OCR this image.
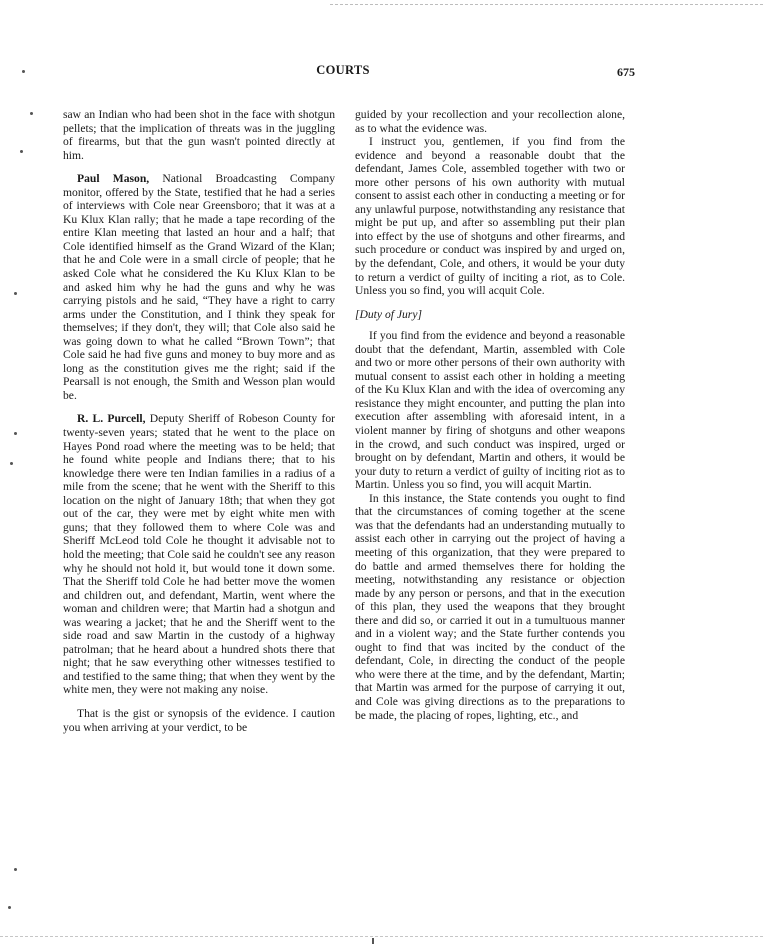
COURTS	675

saw an Indian who had been shot in the face with shotgun pellets; that the implication of threats was in the juggling of firearms, but that the gun wasn't pointed directly at him.

Paul Mason, National Broadcasting Company monitor, offered by the State, testified that he had a series of interviews with Cole near Greensboro; that it was at a Ku Klux Klan rally; that he made a tape recording of the entire Klan meeting that lasted an hour and a half; that Cole identified himself as the Grand Wizard of the Klan; that he and Cole were in a small circle of people; that he asked Cole what he considered the Ku Klux Klan to be and asked him why he had the guns and why he was carrying pistols and he said, “They have a right to carry arms under the Constitution, and I think they speak for themselves; if they don't, they will; that Cole also said he was going down to what he called “Brown Town”; that Cole said he had five guns and money to buy more and as long as the constitution gives me the right; said if the Pearsall is not enough, the Smith and Wesson plan would be.

R. L. Purcell, Deputy Sheriff of Robeson County for twenty-seven years; stated that he went to the place on Hayes Pond road where the meeting was to be held; that he found white people and Indians there; that to his knowledge there were ten Indian families in a radius of a mile from the scene; that he went with the Sheriff to this location on the night of January 18th; that when they got out of the car, they were met by eight white men with guns; that they followed them to where Cole was and Sheriff McLeod told Cole he thought it advisable not to hold the meeting; that Cole said he couldn't see any reason why he should not hold it, but would tone it down some. That the Sheriff told Cole he had better move the women and children out, and defendant, Martin, went where the woman and children were; that Martin had a shotgun and was wearing a jacket; that he and the Sheriff went to the side road and saw Martin in the custody of a highway patrolman; that he heard about a hundred shots there that night; that he saw everything other witnesses testified to and testified to the same thing; that when they went by the white men, they were not making any noise.

That is the gist or synopsis of the evidence. I caution you when arriving at your verdict, to be

guided by your recollection and your recollection alone, as to what the evidence was.

I instruct you, gentlemen, if you find from the evidence and beyond a reasonable doubt that the defendant, James Cole, assembled together with two or more other persons of his own authority with mutual consent to assist each other in conducting a meeting or for any unlawful purpose, notwithstanding any resistance that might be put up, and after so assembling put their plan into effect by the use of shotguns and other firearms, and such procedure or conduct was inspired by and urged on, by the defendant, Cole, and others, it would be your duty to return a verdict of guilty of inciting a riot, as to Cole. Unless you so find, you will acquit Cole.

[Duty of Jury]

If you find from the evidence and beyond a reasonable doubt that the defendant, Martin, assembled with Cole and two or more other persons of their own authority with mutual consent to assist each other in holding a meeting of the Ku Klux Klan and with the idea of overcoming any resistance they might encounter, and putting the plan into execution after assembling with aforesaid intent, in a violent manner by firing of shotguns and other weapons in the crowd, and such conduct was inspired, urged or brought on by defendant, Martin and others, it would be your duty to return a verdict of guilty of inciting riot as to Martin. Unless you so find, you will acquit Martin.

In this instance, the State contends you ought to find that the circumstances of coming together at the scene was that the defendants had an understanding mutually to assist each other in carrying out the project of having a meeting of this organization, that they were prepared to do battle and armed themselves there for holding the meeting, notwithstanding any resistance or objection made by any person or persons, and that in the execution of this plan, they used the weapons that they brought there and did so, or carried it out in a tumultuous manner and in a violent way; and the State further contends you ought to find that was incited by the conduct of the defendant, Cole, in directing the conduct of the people who were there at the time, and by the defendant, Martin; that Martin was armed for the purpose of carrying it out, and Cole was giving directions as to the preparations to be made, the placing of ropes, lighting, etc., and
